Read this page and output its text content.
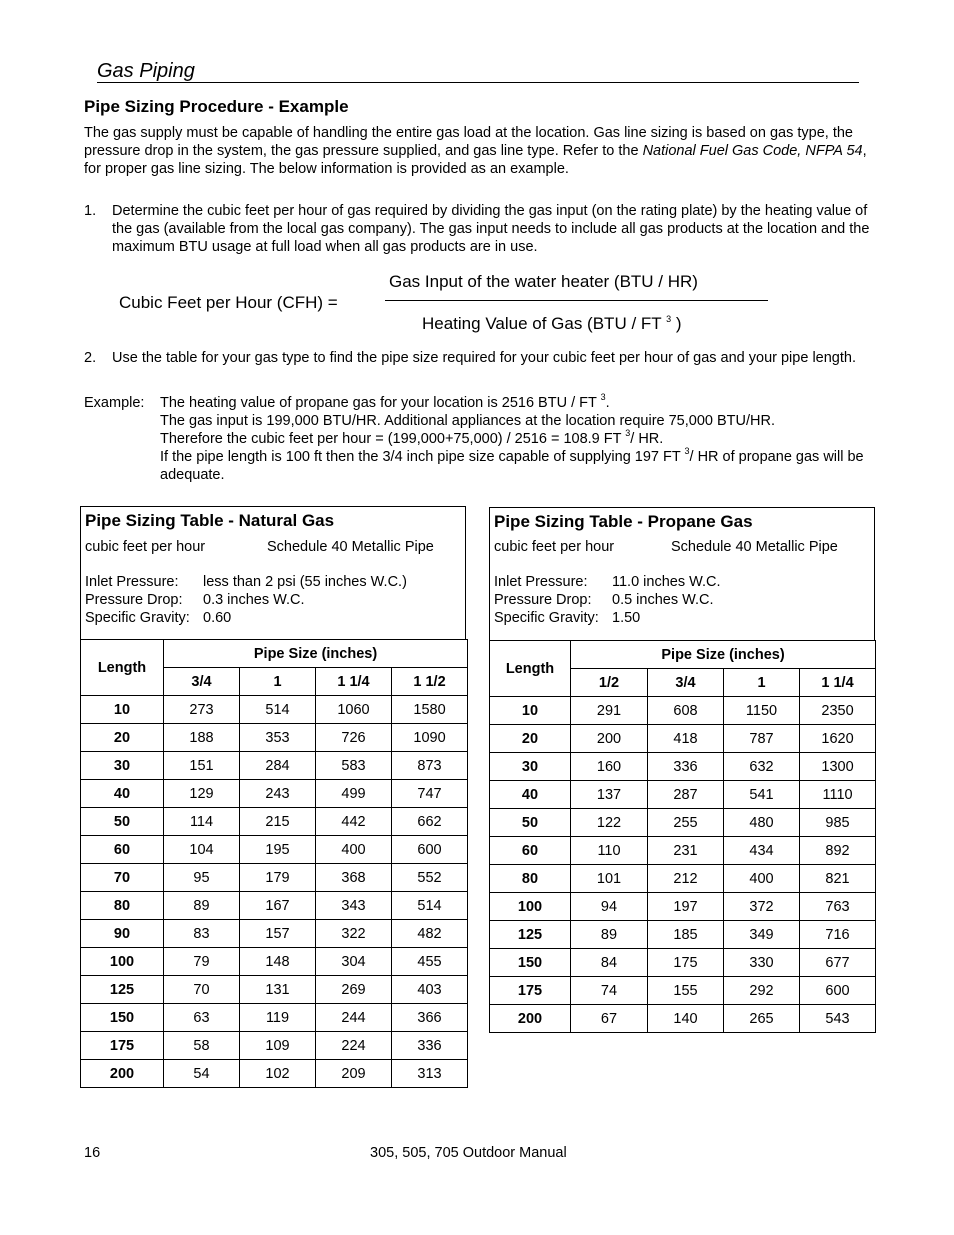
Gas Piping
Pipe Sizing Procedure - Example
The gas supply must be capable of handling the entire gas load at the location. Gas line sizing is based on gas type, the pressure drop in the system, the gas pressure supplied, and gas line type. Refer to the National Fuel Gas Code, NFPA 54, for proper gas line sizing. The below information is provided as an example.
1. Determine the cubic feet per hour of gas required by dividing the gas input (on the rating plate) by the heating value of the gas (available from the local gas company). The gas input needs to include all gas products at the location and the maximum BTU usage at full load when all gas products are in use.
Cubic Feet per Hour (CFH) =
Gas Input of the water heater (BTU / HR)
Heating Value of Gas (BTU / FT $^3$ )
2. Use the table for your gas type to find the pipe size required for your cubic feet per hour of gas and your pipe length.
Example: The heating value of propane gas for your location is 2516 BTU / FT $^3$.
The gas input is 199,000 BTU/HR. Additional appliances at the location require 75,000 BTU/HR.
Therefore the cubic feet per hour = (199,000+75,000) / 2516 = 108.9 FT $^3$/ HR.
If the pipe length is 100 ft then the 3/4 inch pipe size capable of supplying 197 FT $^3$/ HR of propane gas will be adequate.
Pipe Sizing Table - Natural Gas
cubic feet per hour	Schedule 40 Metallic Pipe
Inlet Pressure: less than 2 psi (55 inches W.C.)
Pressure Drop: 0.3 inches W.C.
Specific Gravity: 0.60
Length	Pipe Size (inches)			
	3/4	1	1 1/4	1 1/2
10	273	514	1060	1580
20	188	353	726	1090
30	151	284	583	873
40	129	243	499	747
50	114	215	442	662
60	104	195	400	600
70	95	179	368	552
80	89	167	343	514
90	83	157	322	482
100	79	148	304	455
125	70	131	269	403
150	63	119	244	366
175	58	109	224	336
200	54	102	209	313
Pipe Sizing Table - Propane Gas
cubic feet per hour	Schedule 40 Metallic Pipe
Inlet Pressure: 11.0 inches W.C.
Pressure Drop: 0.5 inches W.C.
Specific Gravity: 1.50
Length	Pipe Size (inches)			
	1/2	3/4	1	1 1/4
10	291	608	1150	2350
20	200	418	787	1620
30	160	336	632	1300
40	137	287	541	1110
50	122	255	480	985
60	110	231	434	892
80	101	212	400	821
100	94	197	372	763
125	89	185	349	716
150	84	175	330	677
175	74	155	292	600
200	67	140	265	543
16	305, 505, 705 Outdoor Manual
